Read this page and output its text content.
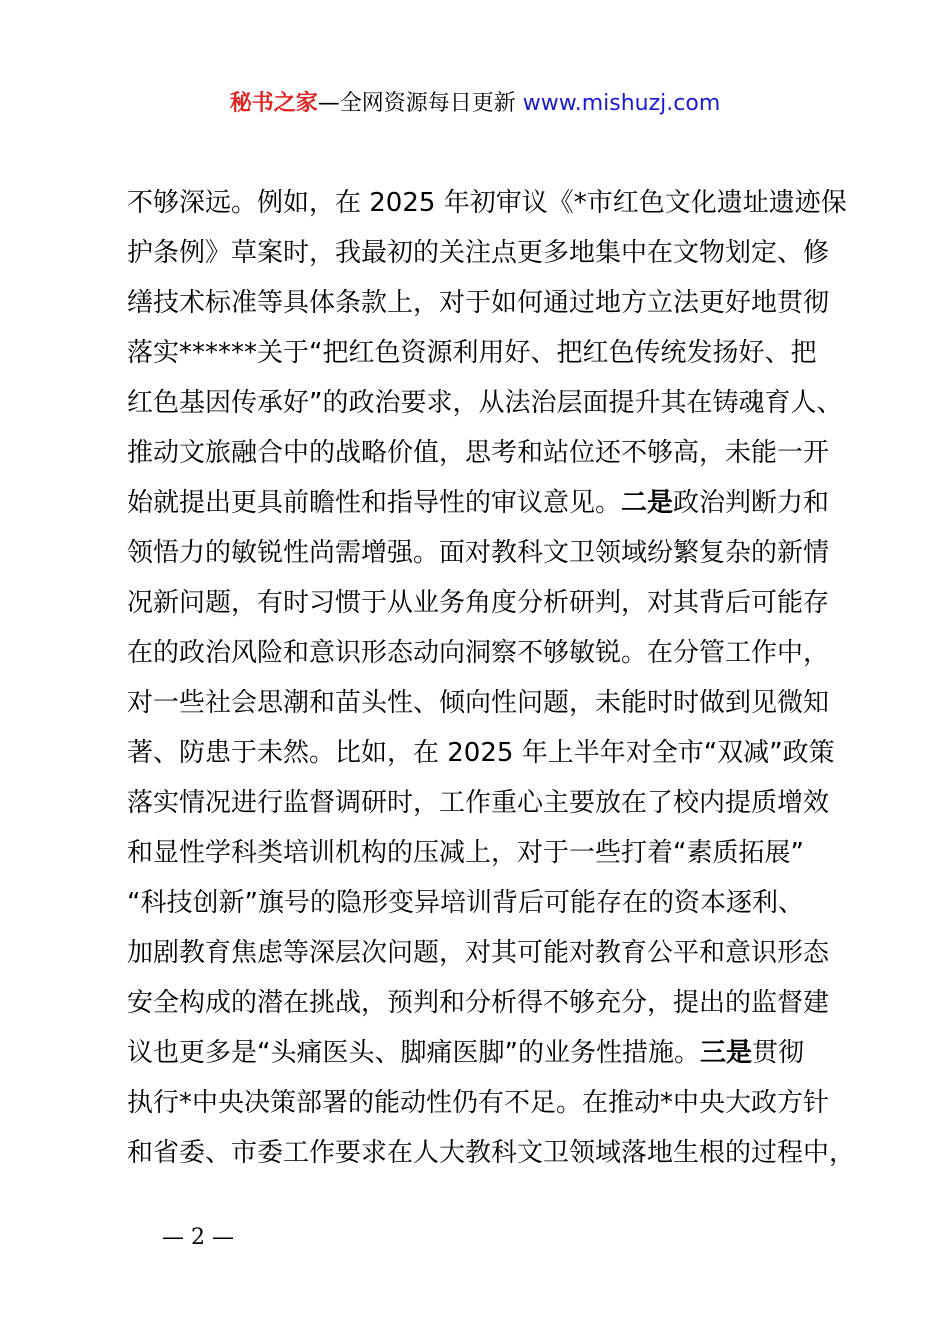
秘书之家—全网资源每日更新 www.mishuzj.com
不够深远。例如，在 2025 年初审议《*市红色文化遗址遗迹保
护条例》草案时，我最初的关注点更多地集中在文物划定、修
缮技术标准等具体条款上，对于如何通过地方立法更好地贯彻
落实******关于“把红色资源利用好、把红色传统发扬好、把
红色基因传承好”的政治要求，从法治层面提升其在铸魂育人、
推动文旅融合中的战略价值，思考和站位还不够高，未能一开
始就提出更具前瞻性和指导性的审议意见。二是政治判断力和
领悟力的敏锐性尚需增强。面对教科文卫领域纷繁复杂的新情
况新问题，有时习惯于从业务角度分析研判，对其背后可能存
在的政治风险和意识形态动向洞察不够敏锐。在分管工作中，
对一些社会思潮和苗头性、倾向性问题，未能时时做到见微知
著、防患于未然。比如，在 2025 年上半年对全市“双减”政策
落实情况进行监督调研时，工作重心主要放在了校内提质增效
和显性学科类培训机构的压减上，对于一些打着“素质拓展”
“科技创新”旗号的隐形变异培训背后可能存在的资本逐利、
加剧教育焦虑等深层次问题，对其可能对教育公平和意识形态
安全构成的潜在挑战，预判和分析得不够充分，提出的监督建
议也更多是“头痛医头、脚痛医脚”的业务性措施。三是贯彻
执行*中央决策部署的能动性仍有不足。在推动*中央大政方针
和省委、市委工作要求在人大教科文卫领域落地生根的过程中，
— 2 —
